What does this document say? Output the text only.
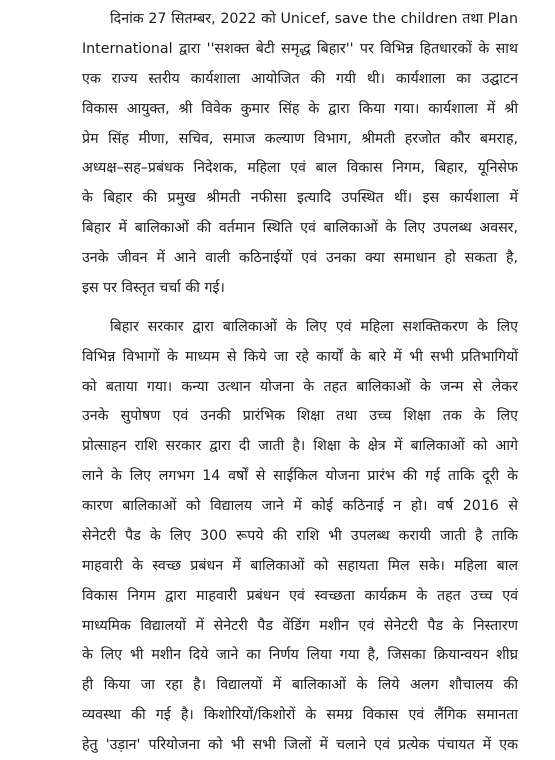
दिनांक 27 सितम्बर, 2022 को Unicef, save the children तथा Plan
International द्वारा ''सशक्त बेटी समृद्ध बिहार'' पर विभिन्न हितधारकों के साथ
एक राज्य स्तरीय कार्यशाला आयोजित की गयी थी। कार्यशाला का उद्घाटन
विकास आयुक्त, श्री विवेक कुमार सिंह के द्वारा किया गया। कार्यशाला में श्री
प्रेम सिंह मीणा, सचिव, समाज कल्याण विभाग, श्रीमती हरजोत कौर बमराह,
अध्यक्ष–सह–प्रबंधक निदेशक, महिला एवं बाल विकास निगम, बिहार, यूनिसेफ
के बिहार की प्रमुख श्रीमती नफीसा इत्यादि उपस्थित थीं। इस कार्यशाला में
बिहार में बालिकाओं की वर्तमान स्थिति एवं बालिकाओं के लिए उपलब्ध अवसर,
उनके जीवन में आने वाली कठिनाईयों एवं उनका क्या समाधान हो सकता है,
इस पर विस्तृत चर्चा की गई।
बिहार सरकार द्वारा बालिकाओं के लिए एवं महिला सशक्तिकरण के लिए
विभिन्न विभागों के माध्यम से किये जा रहे कार्यों के बारे में भी सभी प्रतिभागियों
को बताया गया। कन्या उत्थान योजना के तहत बालिकाओं के जन्म से लेकर
उनके सुपोषण एवं उनकी प्रारंभिक शिक्षा तथा उच्च शिक्षा तक के लिए
प्रोत्साहन राशि सरकार द्वारा दी जाती है। शिक्षा के क्षेत्र में बालिकाओं को आगे
लाने के लिए लगभग 14 वर्षों से साईकिल योजना प्रारंभ की गई ताकि दूरी के
कारण बालिकाओं को विद्यालय जाने में कोई कठिनाई न हो। वर्ष 2016 से
सेनेटरी पैड के लिए 300 रूपये की राशि भी उपलब्ध करायी जाती है ताकि
माहवारी के स्वच्छ प्रबंधन में बालिकाओं को सहायता मिल सके। महिला बाल
विकास निगम द्वारा माहवारी प्रबंधन एवं स्वच्छता कार्यक्रम के तहत उच्च एवं
माध्यमिक विद्यालयों में सेनेटरी पैड वेंडिंग मशीन एवं सेनेटरी पैड के निस्तारण
के लिए भी मशीन दिये जाने का निर्णय लिया गया है, जिसका क्रियान्वयन शीघ्र
ही किया जा रहा है। विद्यालयों में बालिकाओं के लिये अलग शौचालय की
व्यवस्था की गई है। किशोरियों/किशोरों के समग्र विकास एवं लैंगिक समानता
हेतु 'उड़ान' परियोजना को भी सभी जिलों में चलाने एवं प्रत्येक पंचायत में एक
